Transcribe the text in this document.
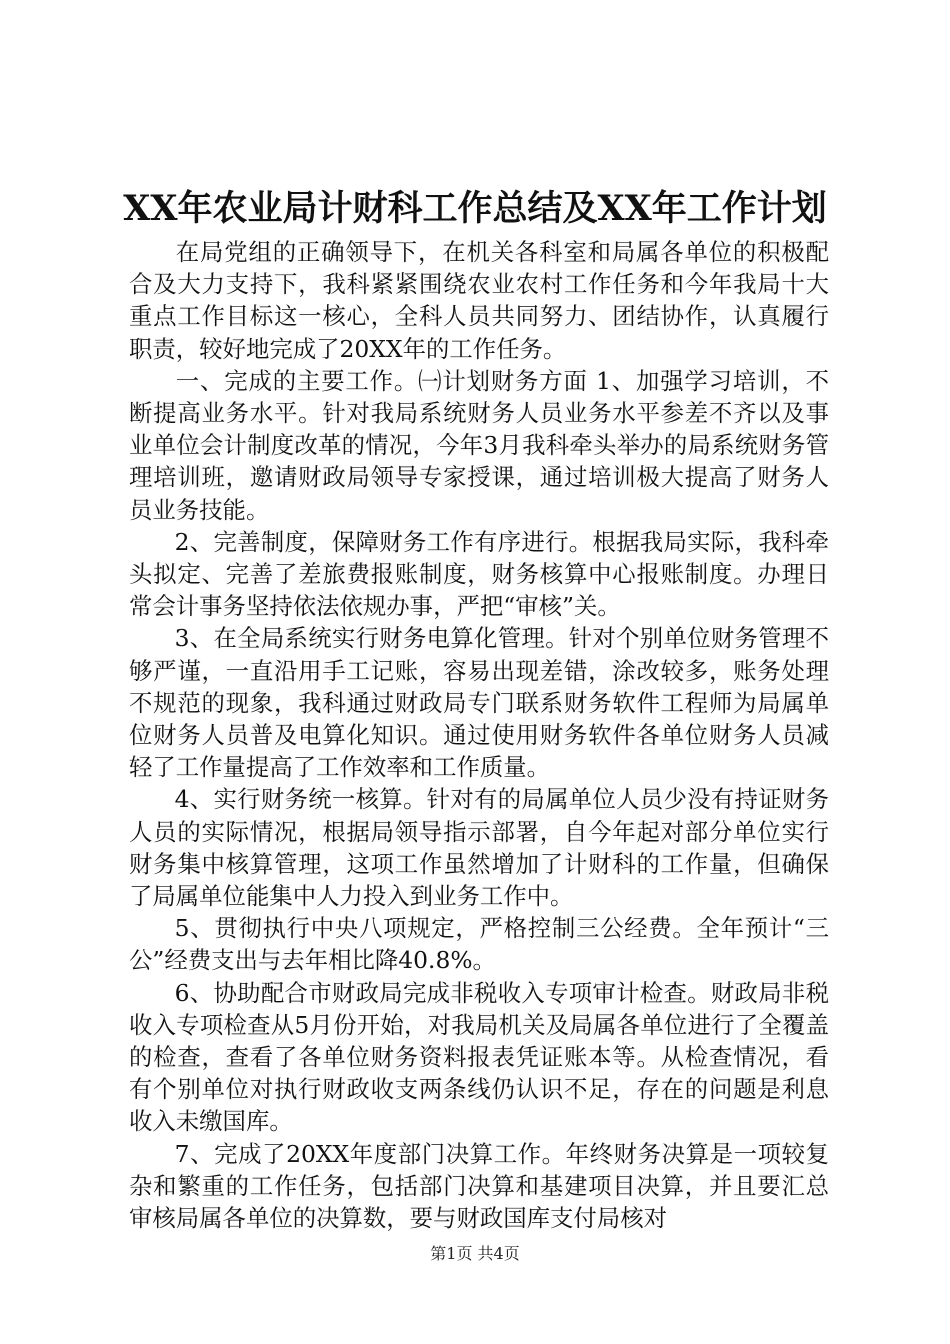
XX年农业局计财科工作总结及XX年工作计划

在局党组的正确领导下，在机关各科室和局属各单位的积极配合及大力支持下，我科紧紧围绕农业农村工作任务和今年我局十大重点工作目标这一核心，全科人员共同努力、团结协作，认真履行职责，较好地完成了20XX年的工作任务。

一、完成的主要工作。㈠计划财务方面 1、加强学习培训，不断提高业务水平。针对我局系统财务人员业务水平参差不齐以及事业单位会计制度改革的情况，今年3月我科牵头举办的局系统财务管理培训班，邀请财政局领导专家授课，通过培训极大提高了财务人员业务技能。

2、完善制度，保障财务工作有序进行。根据我局实际，我科牵头拟定、完善了差旅费报账制度，财务核算中心报账制度。办理日常会计事务坚持依法依规办事，严把“审核”关。

3、在全局系统实行财务电算化管理。针对个别单位财务管理不够严谨，一直沿用手工记账，容易出现差错，涂改较多，账务处理不规范的现象，我科通过财政局专门联系财务软件工程师为局属单位财务人员普及电算化知识。通过使用财务软件各单位财务人员减轻了工作量提高了工作效率和工作质量。

4、实行财务统一核算。针对有的局属单位人员少没有持证财务人员的实际情况，根据局领导指示部署，自今年起对部分单位实行财务集中核算管理，这项工作虽然增加了计财科的工作量，但确保了局属单位能集中人力投入到业务工作中。

5、贯彻执行中央八项规定，严格控制三公经费。全年预计“三公”经费支出与去年相比降40.8%。

6、协助配合市财政局完成非税收入专项审计检查。财政局非税收入专项检查从5月份开始，对我局机关及局属各单位进行了全覆盖的检查，查看了各单位财务资料报表凭证账本等。从检查情况，看有个别单位对执行财政收支两条线仍认识不足，存在的问题是利息收入未缴国库。

7、完成了20XX年度部门决算工作。年终财务决算是一项较复杂和繁重的工作任务，包括部门决算和基建项目决算，并且要汇总审核局属各单位的决算数，要与财政国库支付局核对

第1页 共4页
